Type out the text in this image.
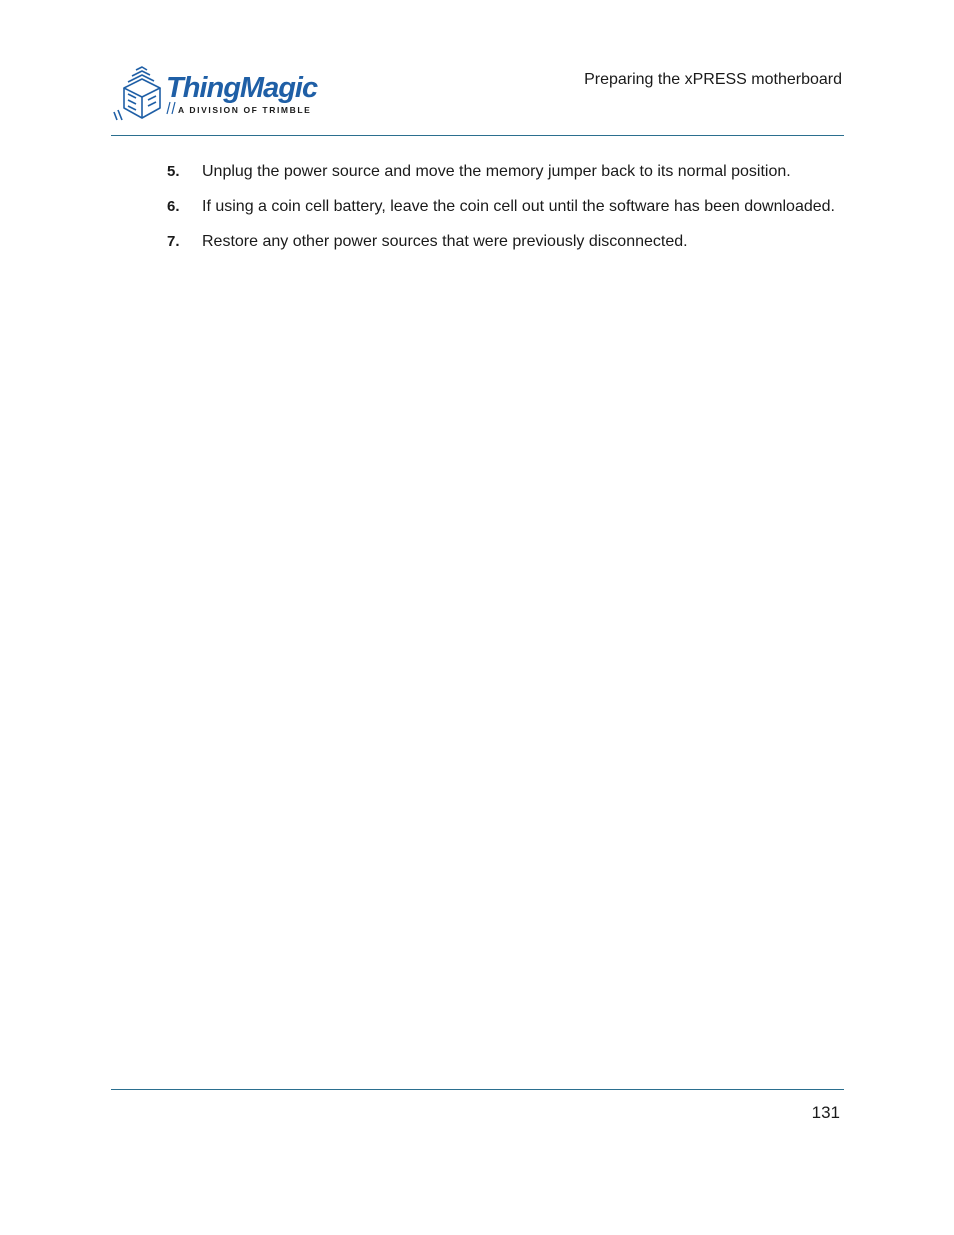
ThingMagic
A DIVISION OF TRIMBLE
Preparing the xPRESS motherboard
5. Unplug the power source and move the memory jumper back to its normal position.
6. If using a coin cell battery, leave the coin cell out until the software has been downloaded.
7. Restore any other power sources that were previously disconnected.
131
